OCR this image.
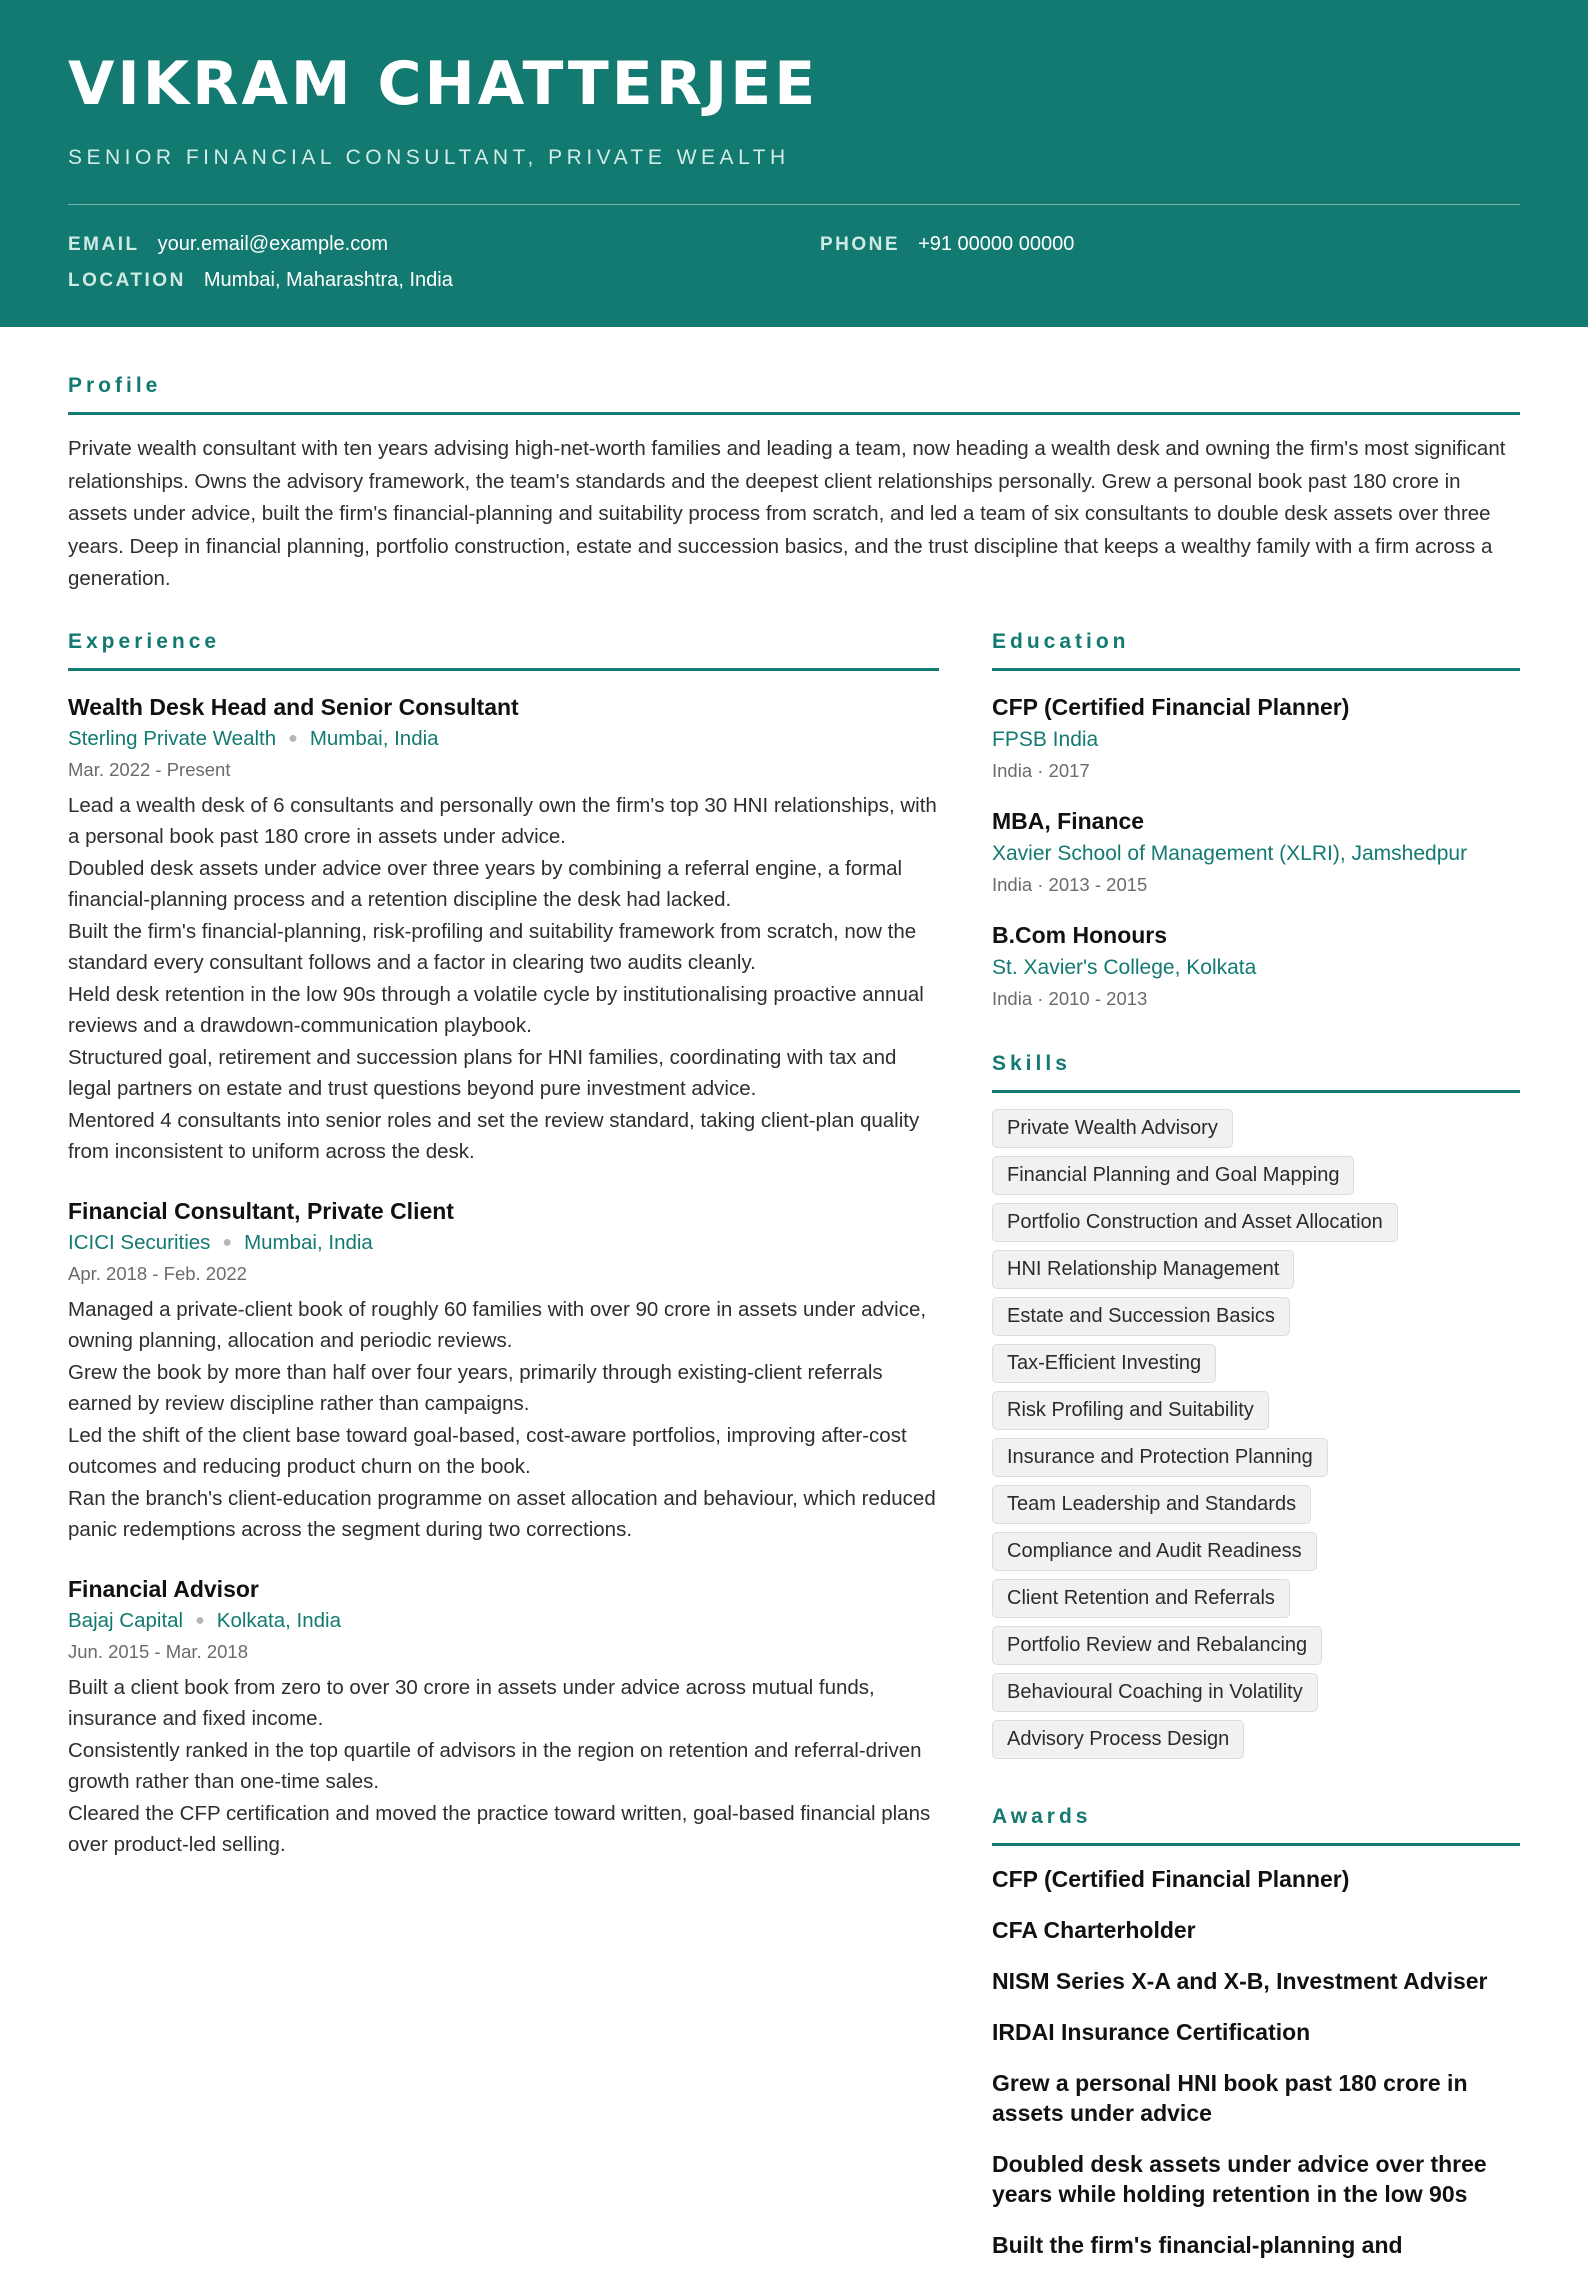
VIKRAM CHATTERJEE
SENIOR FINANCIAL CONSULTANT, PRIVATE WEALTH
EMAIL your.email@example.com	PHONE +91 00000 00000
LOCATION Mumbai, Maharashtra, India
Profile

Private wealth consultant with ten years advising high-net-worth families and leading a team, now heading a wealth desk and owning the firm's most significant relationships. Owns the advisory framework, the team's standards and the deepest client relationships personally. Grew a personal book past 180 crore in assets under advice, built the firm's financial-planning and suitability process from scratch, and led a team of six consultants to double desk assets over three years. Deep in financial planning, portfolio construction, estate and succession basics, and the trust discipline that keeps a wealthy family with a firm across a generation.

Experience
Wealth Desk Head and Senior Consultant
Sterling Private Wealth ● Mumbai, India
Mar. 2022 - Present
Lead a wealth desk of 6 consultants and personally own the firm's top 30 HNI relationships, with a personal book past 180 crore in assets under advice.
Doubled desk assets under advice over three years by combining a referral engine, a formal financial-planning process and a retention discipline the desk had lacked.
Built the firm's financial-planning, risk-profiling and suitability framework from scratch, now the standard every consultant follows and a factor in clearing two audits cleanly.
Held desk retention in the low 90s through a volatile cycle by institutionalising proactive annual reviews and a drawdown-communication playbook.
Structured goal, retirement and succession plans for HNI families, coordinating with tax and legal partners on estate and trust questions beyond pure investment advice.
Mentored 4 consultants into senior roles and set the review standard, taking client-plan quality from inconsistent to uniform across the desk.
Financial Consultant, Private Client
ICICI Securities ● Mumbai, India
Apr. 2018 - Feb. 2022
Managed a private-client book of roughly 60 families with over 90 crore in assets under advice, owning planning, allocation and periodic reviews.
Grew the book by more than half over four years, primarily through existing-client referrals earned by review discipline rather than campaigns.
Led the shift of the client base toward goal-based, cost-aware portfolios, improving after-cost outcomes and reducing product churn on the book.
Ran the branch's client-education programme on asset allocation and behaviour, which reduced panic redemptions across the segment during two corrections.
Financial Advisor
Bajaj Capital ● Kolkata, India
Jun. 2015 - Mar. 2018
Built a client book from zero to over 30 crore in assets under advice across mutual funds, insurance and fixed income.
Consistently ranked in the top quartile of advisors in the region on retention and referral-driven growth rather than one-time sales.
Cleared the CFP certification and moved the practice toward written, goal-based financial plans over product-led selling.
Education
CFP (Certified Financial Planner)
FPSB India
India · 2017
MBA, Finance
Xavier School of Management (XLRI), Jamshedpur
India · 2013 - 2015
B.Com Honours
St. Xavier's College, Kolkata
India · 2010 - 2013
Skills
Private Wealth Advisory
Financial Planning and Goal Mapping
Portfolio Construction and Asset Allocation
HNI Relationship Management
Estate and Succession Basics
Tax-Efficient Investing
Risk Profiling and Suitability
Insurance and Protection Planning
Team Leadership and Standards
Compliance and Audit Readiness
Client Retention and Referrals
Portfolio Review and Rebalancing
Behavioural Coaching in Volatility
Advisory Process Design
Awards
CFP (Certified Financial Planner)
CFA Charterholder
NISM Series X-A and X-B, Investment Adviser
IRDAI Insurance Certification
Grew a personal HNI book past 180 crore in assets under advice
Doubled desk assets under advice over three years while holding retention in the low 90s
Built the firm's financial-planning and
